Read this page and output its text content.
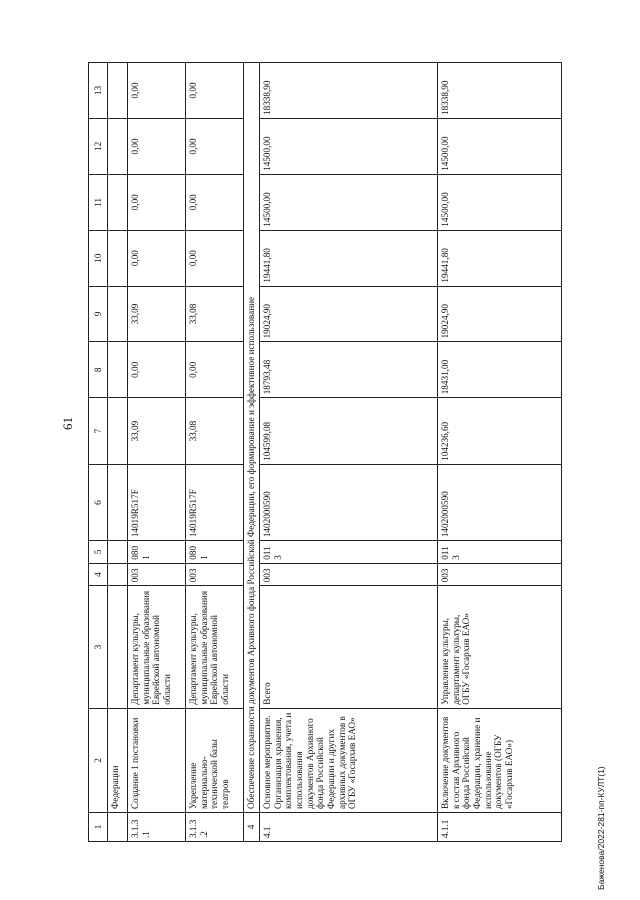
61
Баженова/2022-281-пп-КУЛТ(1)
1	2	3	4	5	6	7	8	9	10	11	12	13
	Федерации											
3.1.3 .1	Создание 1 постановки	Департамент культуры, муниципальные образования Еврейской автономной области	003	0801	14019R517F	33,09	0,00	33,09	0,00	0,00	0,00	0,00
3.1.3 .2	Укрепление материально-технической базы театров	Департамент культуры, муниципальные образования Еврейской автономной области	003	0801	14019R517F	33,08	0,00	33,08	0,00	0,00	0,00	0,00
4	Обеспечение сохранности документов Архивного фонда Российской Федерации, его формирование и эффективное использование											
4.1	Основное мероприятие. Организация хранения, комплектования, учета и использования документов Архивного фонда Российской Федерации и других архивных документов в ОГБУ «Госархив ЕАО»	Всего	003	0113	1402000590	104599,08	18793,48	19024,90	19441,80	14500,00	14500,00	18338,90
4.1.1	Включение документов в состав Архивного фонда Российской Федерации, хранение и использование документов (ОГБУ «Госархив ЕАО»)	Управление культуры, департамент культуры, ОГБУ «Госархив ЕАО»	003	0113	1402000590	104236,60	18431,00	19024,90	19441,80	14500,00	14500,00	18338,90
